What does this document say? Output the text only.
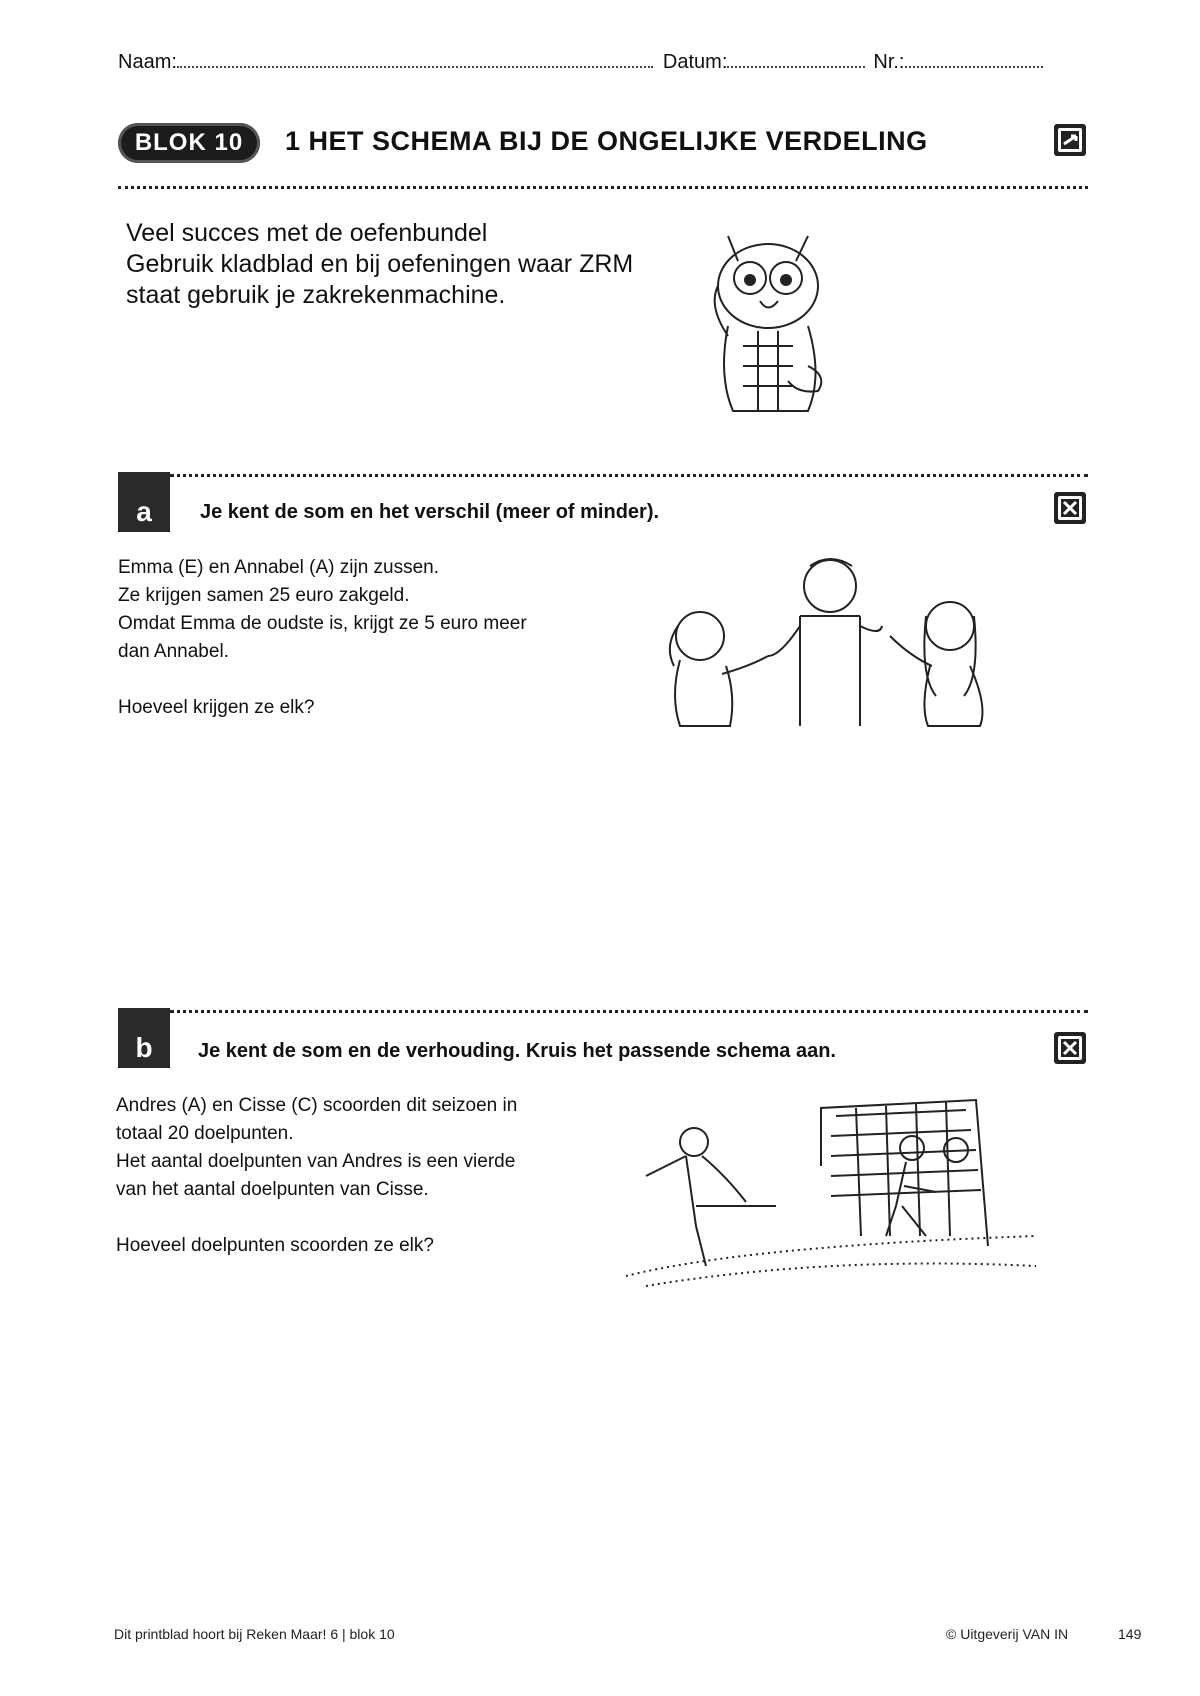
Naam:	Datum:	Nr.:
BLOK 10	1 HET SCHEMA BIJ DE ONGELIJKE VERDELING
Veel succes met de oefenbundel
Gebruik kladblad en bij oefeningen waar ZRM
staat gebruik je zakrekenmachine.
a	Je kent de som en het verschil (meer of minder).
Emma (E) en Annabel (A) zijn zussen.
Ze krijgen samen 25 euro zakgeld.
Omdat Emma de oudste is, krijgt ze 5 euro meer
dan Annabel.
Hoeveel krijgen ze elk?
b	Je kent de som en de verhouding. Kruis het passende schema aan.
Andres (A) en Cisse (C) scoorden dit seizoen in
totaal 20 doelpunten.
Het aantal doelpunten van Andres is een vierde
van het aantal doelpunten van Cisse.
Hoeveel doelpunten scoorden ze elk?
Dit printblad hoort bij Reken Maar! 6 | blok 10	© Uitgeverij VAN IN	149
